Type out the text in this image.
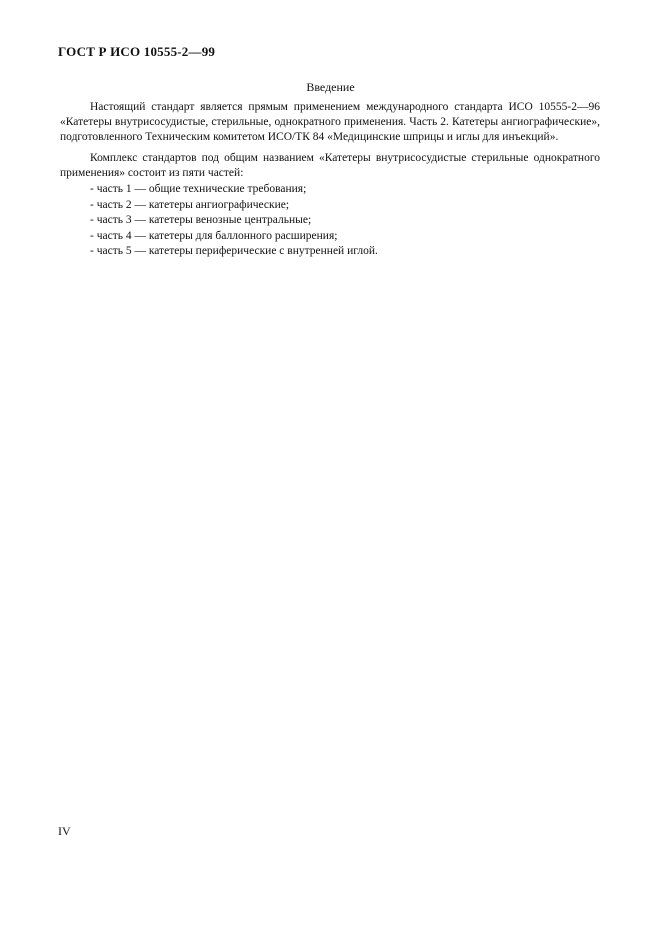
ГОСТ Р ИСО 10555-2—99
Введение

Настоящий стандарт является прямым применением международного стандарта ИСО 10555-2—96 «Катетеры внутрисосудистые, стерильные, однократного применения. Часть 2. Катетеры ангиографические», подготовленного Техническим комитетом ИСО/ТК 84 «Медицинские шприцы и иглы для инъекций».

Комплекс стандартов под общим названием «Катетеры внутрисосудистые стерильные однократного применения» состоит из пяти частей:

- часть 1 — общие технические требования;
- часть 2 — катетеры ангиографические;
- часть 3 — катетеры венозные центральные;
- часть 4 — катетеры для баллонного расширения;
- часть 5 — катетеры периферические с внутренней иглой.
IV
